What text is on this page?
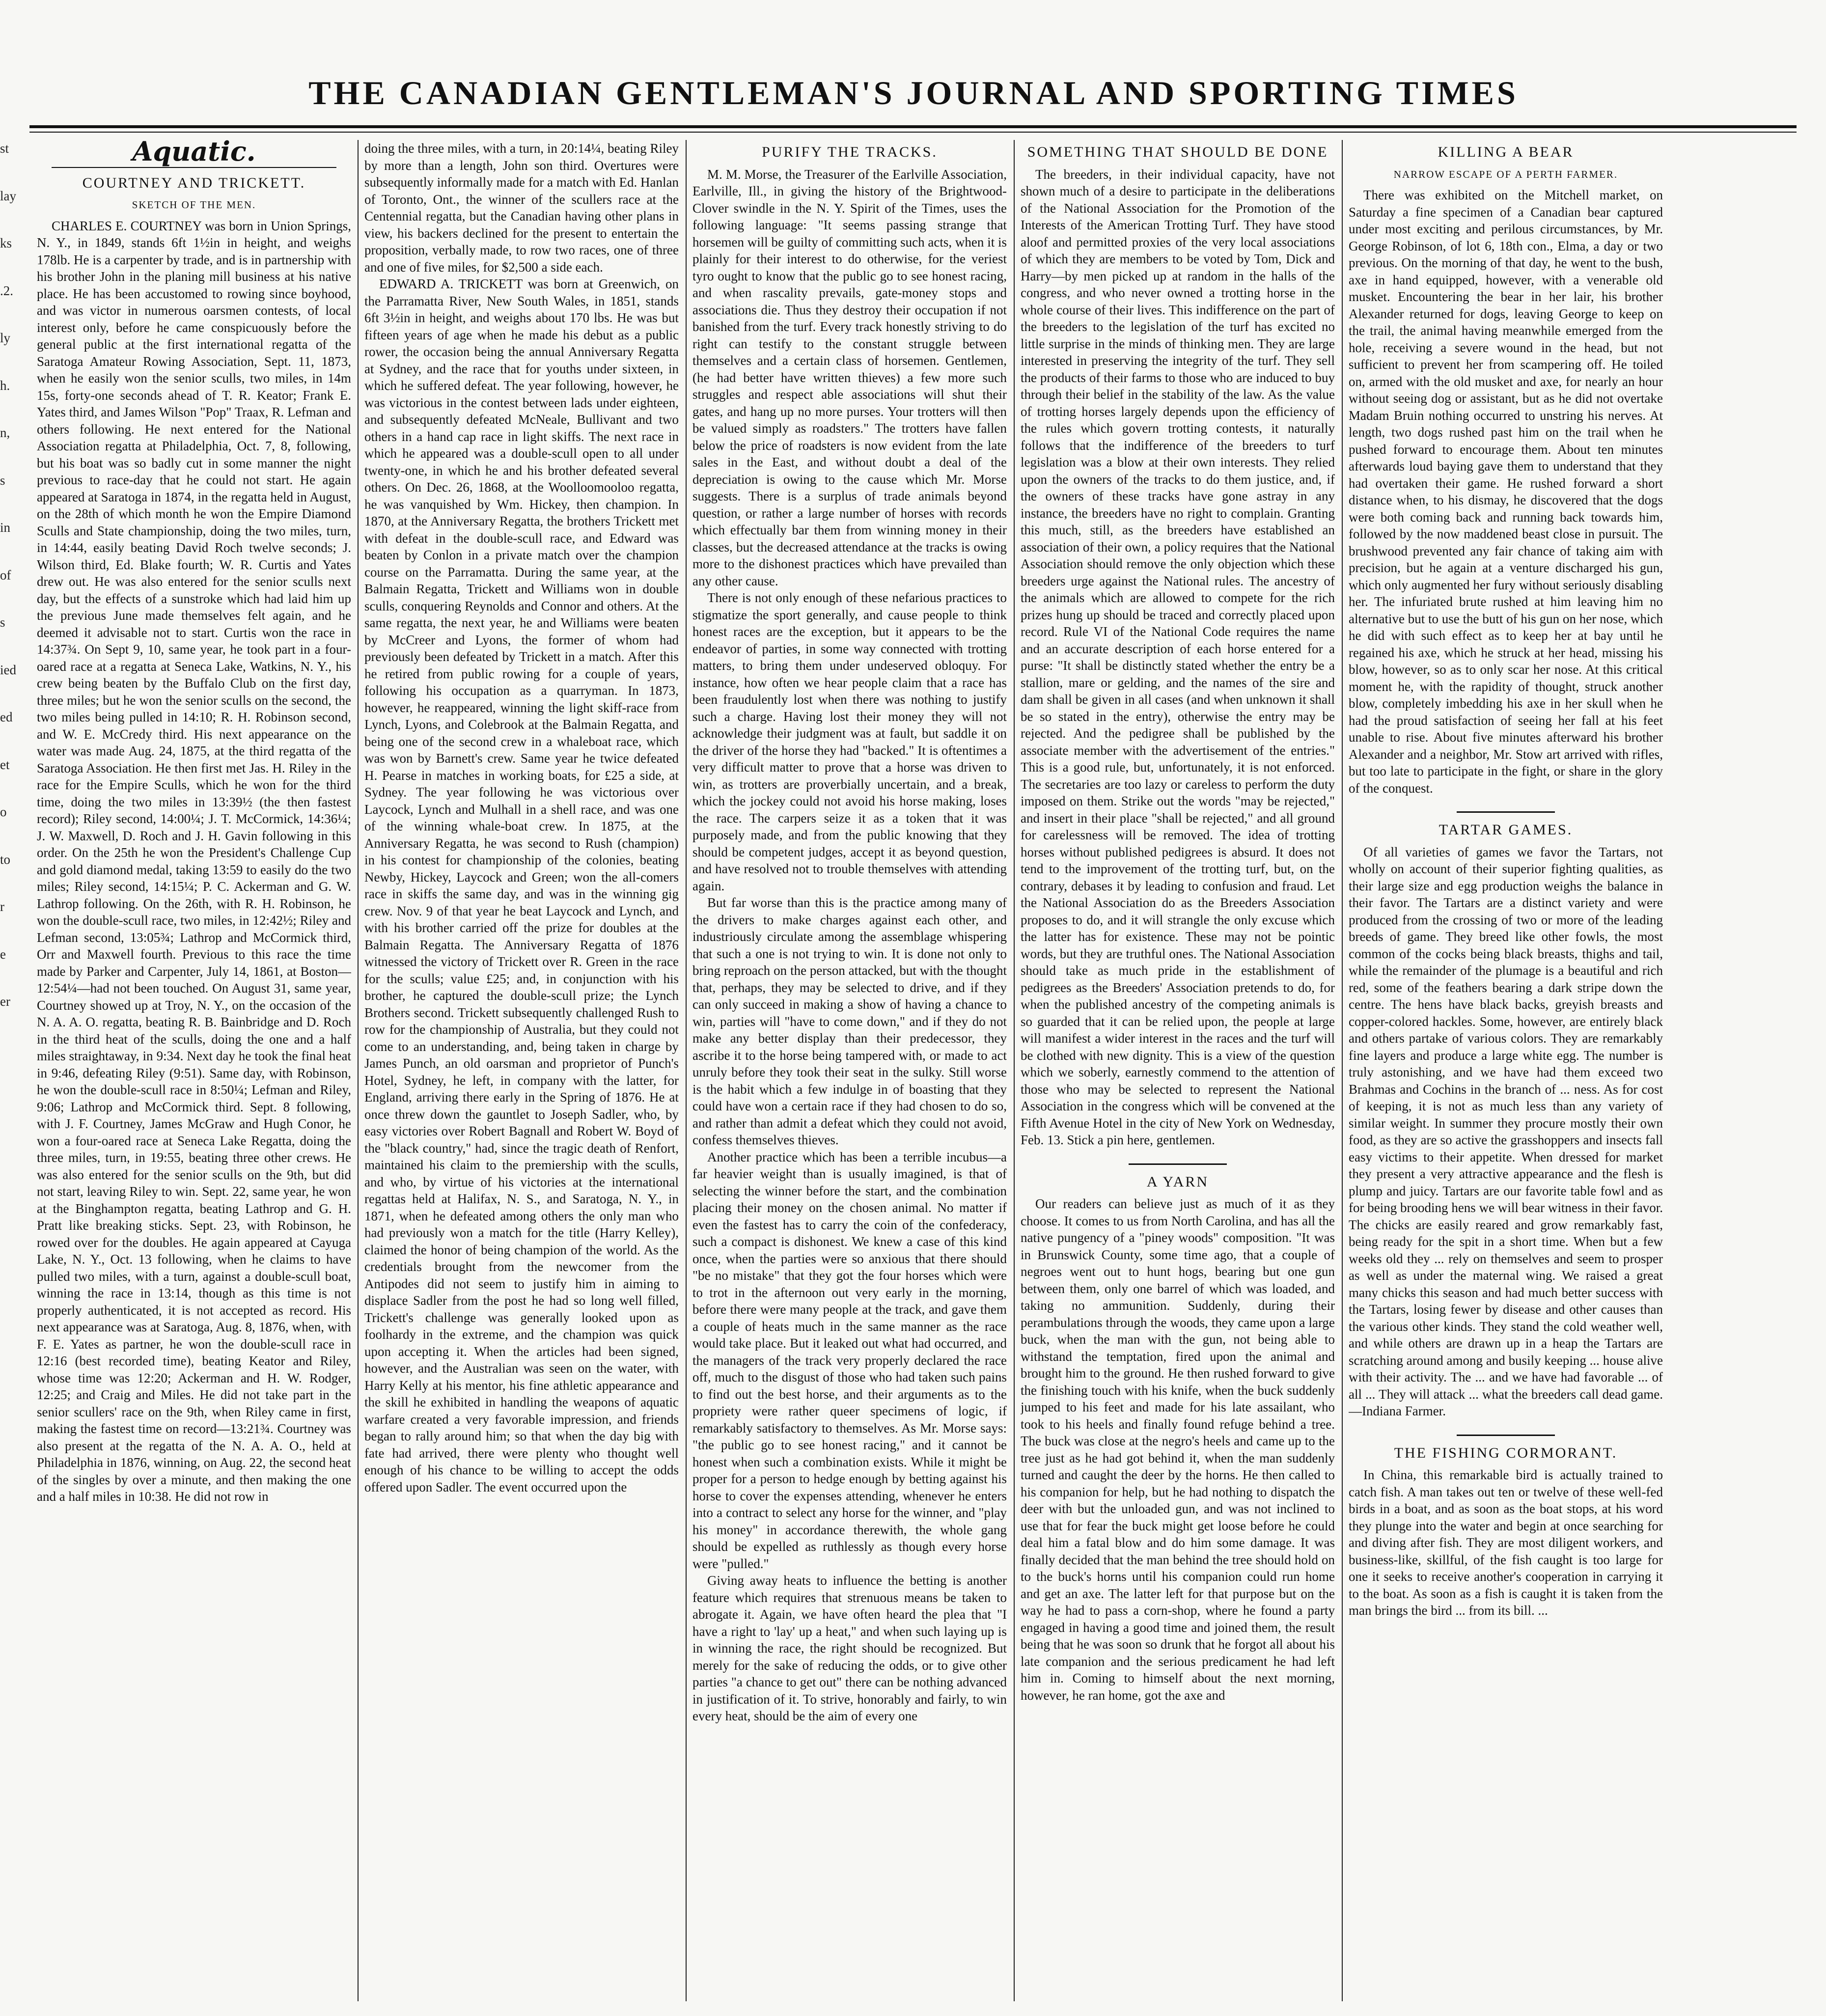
THE CANADIAN GENTLEMAN'S JOURNAL AND SPORTING TIMES
st
lay
ks
.2.
ly
h.
n,
s
in
of
s
ied
ed
et
o
to
r
e
er
Aquatic.
COURTNEY AND TRICKETT.
SKETCH OF THE MEN.

CHARLES E. COURTNEY was born in Union Springs, N. Y., in 1849, stands 6ft 1½in in height, and weighs 178lb. He is a carpenter by trade, and is in partnership with his brother John in the planing mill business at his native place. He has been accustomed to rowing since boyhood, and was victor in numerous oarsmen contests, of local interest only, before he came conspicuously before the general public at the first international regatta of the Saratoga Amateur Rowing Association, Sept. 11, 1873, when he easily won the senior sculls, two miles, in 14m 15s, forty-one seconds ahead of T. R. Keator; Frank E. Yates third, and James Wilson "Pop" Traax, R. Lefman and others following. He next entered for the National Association regatta at Philadelphia, Oct. 7, 8, following, but his boat was so badly cut in some manner the night previous to race-day that he could not start. He again appeared at Saratoga in 1874, in the regatta held in August, on the 28th of which month he won the Empire Diamond Sculls and State championship, doing the two miles, turn, in 14:44, easily beating David Roch twelve seconds; J. Wilson third, Ed. Blake fourth; W. R. Curtis and Yates drew out. He was also entered for the senior sculls next day, but the effects of a sunstroke which had laid him up the previous June made themselves felt again, and he deemed it advisable not to start. Curtis won the race in 14:37¾. On Sept 9, 10, same year, he took part in a four-oared race at a regatta at Seneca Lake, Watkins, N. Y., his crew being beaten by the Buffalo Club on the first day, three miles; but he won the senior sculls on the second, the two miles being pulled in 14:10; R. H. Robinson second, and W. E. McCredy third. His next appearance on the water was made Aug. 24, 1875, at the third regatta of the Saratoga Association. He then first met Jas. H. Riley in the race for the Empire Sculls, which he won for the third time, doing the two miles in 13:39½ (the then fastest record); Riley second, 14:00¼; J. T. McCormick, 14:36¼; J. W. Maxwell, D. Roch and J. H. Gavin following in this order. On the 25th he won the President's Challenge Cup and gold diamond medal, taking 13:59 to easily do the two miles; Riley second, 14:15¼; P. C. Ackerman and G. W. Lathrop following. On the 26th, with R. H. Robinson, he won the double-scull race, two miles, in 12:42½; Riley and Lefman second, 13:05¾; Lathrop and McCormick third, Orr and Maxwell fourth. Previous to this race the time made by Parker and Carpenter, July 14, 1861, at Boston—12:54¼—had not been touched. On August 31, same year, Courtney showed up at Troy, N. Y., on the occasion of the N. A. A. O. regatta, beating R. B. Bainbridge and D. Roch in the third heat of the sculls, doing the one and a half miles straightaway, in 9:34. Next day he took the final heat in 9:46, defeating Riley (9:51). Same day, with Robinson, he won the double-scull race in 8:50¼; Lefman and Riley, 9:06; Lathrop and McCormick third. Sept. 8 following, with J. F. Courtney, James McGraw and Hugh Conor, he won a four-oared race at Seneca Lake Regatta, doing the three miles, turn, in 19:55, beating three other crews. He was also entered for the senior sculls on the 9th, but did not start, leaving Riley to win. Sept. 22, same year, he won at the Binghampton regatta, beating Lathrop and G. H. Pratt like breaking sticks. Sept. 23, with Robinson, he rowed over for the doubles. He again appeared at Cayuga Lake, N. Y., Oct. 13 following, when he claims to have pulled two miles, with a turn, against a double-scull boat, winning the race in 13:14, though as this time is not properly authenticated, it is not accepted as record. His next appearance was at Saratoga, Aug. 8, 1876, when, with F. E. Yates as partner, he won the double-scull race in 12:16 (best recorded time), beating Keator and Riley, whose time was 12:20; Ackerman and H. W. Rodger, 12:25; and Craig and Miles. He did not take part in the senior scullers' race on the 9th, when Riley came in first, making the fastest time on record—13:21¾. Courtney was also present at the regatta of the N. A. A. O., held at Philadelphia in 1876, winning, on Aug. 22, the second heat of the singles by over a minute, and then making the one and a half miles in 10:38. He did not row in

doing the three miles, with a turn, in 20:14¼, beating Riley by more than a length, John son third. Overtures were subsequently informally made for a match with Ed. Hanlan of Toronto, Ont., the winner of the scullers race at the Centennial regatta, but the Canadian having other plans in view, his backers declined for the present to entertain the proposition, verbally made, to row two races, one of three and one of five miles, for $2,500 a side each.

EDWARD A. TRICKETT was born at Greenwich, on the Parramatta River, New South Wales, in 1851, stands 6ft 3½in in height, and weighs about 170 lbs. He was but fifteen years of age when he made his debut as a public rower, the occasion being the annual Anniversary Regatta at Sydney, and the race that for youths under sixteen, in which he suffered defeat. The year following, however, he was victorious in the contest between lads under eighteen, and subsequently defeated McNeale, Bullivant and two others in a hand cap race in light skiffs. The next race in which he appeared was a double-scull open to all under twenty-one, in which he and his brother defeated several others. On Dec. 26, 1868, at the Woolloomooloo regatta, he was vanquished by Wm. Hickey, then champion. In 1870, at the Anniversary Regatta, the brothers Trickett met with defeat in the double-scull race, and Edward was beaten by Conlon in a private match over the champion course on the Parramatta. During the same year, at the Balmain Regatta, Trickett and Williams won in double sculls, conquering Reynolds and Connor and others. At the same regatta, the next year, he and Williams were beaten by McCreer and Lyons, the former of whom had previously been defeated by Trickett in a match. After this he retired from public rowing for a couple of years, following his occupation as a quarryman. In 1873, however, he reappeared, winning the light skiff-race from Lynch, Lyons, and Colebrook at the Balmain Regatta, and being one of the second crew in a whaleboat race, which was won by Barnett's crew. Same year he twice defeated H. Pearse in matches in working boats, for £25 a side, at Sydney. The year following he was victorious over Laycock, Lynch and Mulhall in a shell race, and was one of the winning whale-boat crew. In 1875, at the Anniversary Regatta, he was second to Rush (champion) in his contest for championship of the colonies, beating Newby, Hickey, Laycock and Green; won the all-comers race in skiffs the same day, and was in the winning gig crew. Nov. 9 of that year he beat Laycock and Lynch, and with his brother carried off the prize for doubles at the Balmain Regatta. The Anniversary Regatta of 1876 witnessed the victory of Trickett over R. Green in the race for the sculls; value £25; and, in conjunction with his brother, he captured the double-scull prize; the Lynch Brothers second. Trickett subsequently challenged Rush to row for the championship of Australia, but they could not come to an understanding, and, being taken in charge by James Punch, an old oarsman and proprietor of Punch's Hotel, Sydney, he left, in company with the latter, for England, arriving there early in the Spring of 1876. He at once threw down the gauntlet to Joseph Sadler, who, by easy victories over Robert Bagnall and Robert W. Boyd of the "black country," had, since the tragic death of Renfort, maintained his claim to the premiership with the sculls, and who, by virtue of his victories at the international regattas held at Halifax, N. S., and Saratoga, N. Y., in 1871, when he defeated among others the only man who had previously won a match for the title (Harry Kelley), claimed the honor of being champion of the world. As the credentials brought from the newcomer from the Antipodes did not seem to justify him in aiming to displace Sadler from the post he had so long well filled, Trickett's challenge was generally looked upon as foolhardy in the extreme, and the champion was quick upon accepting it. When the articles had been signed, however, and the Australian was seen on the water, with Harry Kelly at his mentor, his fine athletic appearance and the skill he exhibited in handling the weapons of aquatic warfare created a very favorable impression, and friends began to rally around him; so that when the day big with fate had arrived, there were plenty who thought well enough of his chance to be willing to accept the odds offered upon Sadler. The event occurred upon the

PURIFY THE TRACKS.

M. M. Morse, the Treasurer of the Earlville Association, Earlville, Ill., in giving the history of the Brightwood-Clover swindle in the N. Y. Spirit of the Times, uses the following language: "It seems passing strange that horsemen will be guilty of committing such acts, when it is plainly for their interest to do otherwise, for the veriest tyro ought to know that the public go to see honest racing, and when rascality prevails, gate-money stops and associations die. Thus they destroy their occupation if not banished from the turf. Every track honestly striving to do right can testify to the constant struggle between themselves and a certain class of horsemen. Gentlemen, (he had better have written thieves) a few more such struggles and respect able associations will shut their gates, and hang up no more purses. Your trotters will then be valued simply as roadsters." The trotters have fallen below the price of roadsters is now evident from the late sales in the East, and without doubt a deal of the depreciation is owing to the cause which Mr. Morse suggests. There is a surplus of trade animals beyond question, or rather a large number of horses with records which effectually bar them from winning money in their classes, but the decreased attendance at the tracks is owing more to the dishonest practices which have prevailed than any other cause.

There is not only enough of these nefarious practices to stigmatize the sport generally, and cause people to think honest races are the exception, but it appears to be the endeavor of parties, in some way connected with trotting matters, to bring them under undeserved obloquy. For instance, how often we hear people claim that a race has been fraudulently lost when there was nothing to justify such a charge. Having lost their money they will not acknowledge their judgment was at fault, but saddle it on the driver of the horse they had "backed." It is oftentimes a very difficult matter to prove that a horse was driven to win, as trotters are proverbially uncertain, and a break, which the jockey could not avoid his horse making, loses the race. The carpers seize it as a token that it was purposely made, and from the public knowing that they should be competent judges, accept it as beyond question, and have resolved not to trouble themselves with attending again.

But far worse than this is the practice among many of the drivers to make charges against each other, and industriously circulate among the assemblage whispering that such a one is not trying to win. It is done not only to bring reproach on the person attacked, but with the thought that, perhaps, they may be selected to drive, and if they can only succeed in making a show of having a chance to win, parties will "have to come down," and if they do not make any better display than their predecessor, they ascribe it to the horse being tampered with, or made to act unruly before they took their seat in the sulky. Still worse is the habit which a few indulge in of boasting that they could have won a certain race if they had chosen to do so, and rather than admit a defeat which they could not avoid, confess themselves thieves.

Another practice which has been a terrible incubus—a far heavier weight than is usually imagined, is that of selecting the winner before the start, and the combination placing their money on the chosen animal. No matter if even the fastest has to carry the coin of the confederacy, such a compact is dishonest. We knew a case of this kind once, when the parties were so anxious that there should "be no mistake" that they got the four horses which were to trot in the afternoon out very early in the morning, before there were many people at the track, and gave them a couple of heats much in the same manner as the race would take place. But it leaked out what had occurred, and the managers of the track very properly declared the race off, much to the disgust of those who had taken such pains to find out the best horse, and their arguments as to the propriety were rather queer specimens of logic, if remarkably satisfactory to themselves. As Mr. Morse says: "the public go to see honest racing," and it cannot be honest when such a combination exists. While it might be proper for a person to hedge enough by betting against his horse to cover the expenses attending, whenever he enters into a contract to select any horse for the winner, and "play his money" in accordance therewith, the whole gang should be expelled as ruthlessly as though every horse were "pulled."

Giving away heats to influence the betting is another feature which requires that strenuous means be taken to abrogate it. Again, we have often heard the plea that "I have a right to 'lay' up a heat," and when such laying up is in winning the race, the right should be recognized. But merely for the sake of reducing the odds, or to give other parties "a chance to get out" there can be nothing advanced in justification of it. To strive, honorably and fairly, to win every heat, should be the aim of every one

SOMETHING THAT SHOULD BE DONE

The breeders, in their individual capacity, have not shown much of a desire to participate in the deliberations of the National Association for the Promotion of the Interests of the American Trotting Turf. They have stood aloof and permitted proxies of the very local associations of which they are members to be voted by Tom, Dick and Harry—by men picked up at random in the halls of the congress, and who never owned a trotting horse in the whole course of their lives. This indifference on the part of the breeders to the legislation of the turf has excited no little surprise in the minds of thinking men. They are large interested in preserving the integrity of the turf. They sell the products of their farms to those who are induced to buy through their belief in the stability of the law. As the value of trotting horses largely depends upon the efficiency of the rules which govern trotting contests, it naturally follows that the indifference of the breeders to turf legislation was a blow at their own interests. They relied upon the owners of the tracks to do them justice, and, if the owners of these tracks have gone astray in any instance, the breeders have no right to complain. Granting this much, still, as the breeders have established an association of their own, a policy requires that the National Association should remove the only objection which these breeders urge against the National rules. The ancestry of the animals which are allowed to compete for the rich prizes hung up should be traced and correctly placed upon record. Rule VI of the National Code requires the name and an accurate description of each horse entered for a purse: "It shall be distinctly stated whether the entry be a stallion, mare or gelding, and the names of the sire and dam shall be given in all cases (and when unknown it shall be so stated in the entry), otherwise the entry may be rejected. And the pedigree shall be published by the associate member with the advertisement of the entries." This is a good rule, but, unfortunately, it is not enforced. The secretaries are too lazy or careless to perform the duty imposed on them. Strike out the words "may be rejected," and insert in their place "shall be rejected," and all ground for carelessness will be removed. The idea of trotting horses without published pedigrees is absurd. It does not tend to the improvement of the trotting turf, but, on the contrary, debases it by leading to confusion and fraud. Let the National Association do as the Breeders Association proposes to do, and it will strangle the only excuse which the latter has for existence. These may not be pointic words, but they are truthful ones. The National Association should take as much pride in the establishment of pedigrees as the Breeders' Association pretends to do, for when the published ancestry of the competing animals is so guarded that it can be relied upon, the people at large will manifest a wider interest in the races and the turf will be clothed with new dignity. This is a view of the question which we soberly, earnestly commend to the attention of those who may be selected to represent the National Association in the congress which will be convened at the Fifth Avenue Hotel in the city of New York on Wednesday, Feb. 13. Stick a pin here, gentlemen.

A YARN

Our readers can believe just as much of it as they choose. It comes to us from North Carolina, and has all the native pungency of a "piney woods" composition. "It was in Brunswick County, some time ago, that a couple of negroes went out to hunt hogs, bearing but one gun between them, only one barrel of which was loaded, and taking no ammunition. Suddenly, during their perambulations through the woods, they came upon a large buck, when the man with the gun, not being able to withstand the temptation, fired upon the animal and brought him to the ground. He then rushed forward to give the finishing touch with his knife, when the buck suddenly jumped to his feet and made for his late assailant, who took to his heels and finally found refuge behind a tree. The buck was close at the negro's heels and came up to the tree just as he had got behind it, when the man suddenly turned and caught the deer by the horns. He then called to his companion for help, but he had nothing to dispatch the deer with but the unloaded gun, and was not inclined to use that for fear the buck might get loose before he could deal him a fatal blow and do him some damage. It was finally decided that the man behind the tree should hold on to the buck's horns until his companion could run home and get an axe. The latter left for that purpose but on the way he had to pass a corn-shop, where he found a party engaged in having a good time and joined them, the result being that he was soon so drunk that he forgot all about his late companion and the serious predicament he had left him in. Coming to himself about the next morning, however, he ran home, got the axe and

KILLING A BEAR
NARROW ESCAPE OF A PERTH FARMER.

There was exhibited on the Mitchell market, on Saturday a fine specimen of a Canadian bear captured under most exciting and perilous circumstances, by Mr. George Robinson, of lot 6, 18th con., Elma, a day or two previous. On the morning of that day, he went to the bush, axe in hand equipped, however, with a venerable old musket. Encountering the bear in her lair, his brother Alexander returned for dogs, leaving George to keep on the trail, the animal having meanwhile emerged from the hole, receiving a severe wound in the head, but not sufficient to prevent her from scampering off. He toiled on, armed with the old musket and axe, for nearly an hour without seeing dog or assistant, but as he did not overtake Madam Bruin nothing occurred to unstring his nerves. At length, two dogs rushed past him on the trail when he pushed forward to encourage them. About ten minutes afterwards loud baying gave them to understand that they had overtaken their game. He rushed forward a short distance when, to his dismay, he discovered that the dogs were both coming back and running back towards him, followed by the now maddened beast close in pursuit. The brushwood prevented any fair chance of taking aim with precision, but he again at a venture discharged his gun, which only augmented her fury without seriously disabling her. The infuriated brute rushed at him leaving him no alternative but to use the butt of his gun on her nose, which he did with such effect as to keep her at bay until he regained his axe, which he struck at her head, missing his blow, however, so as to only scar her nose. At this critical moment he, with the rapidity of thought, struck another blow, completely imbedding his axe in her skull when he had the proud satisfaction of seeing her fall at his feet unable to rise. About five minutes afterward his brother Alexander and a neighbor, Mr. Stow art arrived with rifles, but too late to participate in the fight, or share in the glory of the conquest.

TARTAR GAMES.

Of all varieties of games we favor the Tartars, not wholly on account of their superior fighting qualities, as their large size and egg production weighs the balance in their favor. The Tartars are a distinct variety and were produced from the crossing of two or more of the leading breeds of game. They breed like other fowls, the most common of the cocks being black breasts, thighs and tail, while the remainder of the plumage is a beautiful and rich red, some of the feathers bearing a dark stripe down the centre. The hens have black backs, greyish breasts and copper-colored hackles. Some, however, are entirely black and others partake of various colors. They are remarkably fine layers and produce a large white egg. The number is truly astonishing, and we have had them exceed two Brahmas and Cochins in the branch of ... ness. As for cost of keeping, it is not as much less than any variety of similar weight. In summer they procure mostly their own food, as they are so active the grasshoppers and insects fall easy victims to their appetite. When dressed for market they present a very attractive appearance and the flesh is plump and juicy. Tartars are our favorite table fowl and as for being brooding hens we will bear witness in their favor. The chicks are easily reared and grow remarkably fast, being ready for the spit in a short time. When but a few weeks old they ... rely on themselves and seem to prosper as well as under the maternal wing. We raised a great many chicks this season and had much better success with the Tartars, losing fewer by disease and other causes than the various other kinds. They stand the cold weather well, and while others are drawn up in a heap the Tartars are scratching around among and busily keeping ... house alive with their activity. The ... and we have had favorable ... of all ... They will attack ... what the breeders call dead game.—Indiana Farmer.

THE FISHING CORMORANT.

In China, this remarkable bird is actually trained to catch fish. A man takes out ten or twelve of these well-fed birds in a boat, and as soon as the boat stops, at his word they plunge into the water and begin at once searching for and diving after fish. They are most diligent workers, and business-like, skillful, of the fish caught is too large for one it seeks to receive another's cooperation in carrying it to the boat. As soon as a fish is caught it is taken from the man brings the bird ... from its bill. ...
